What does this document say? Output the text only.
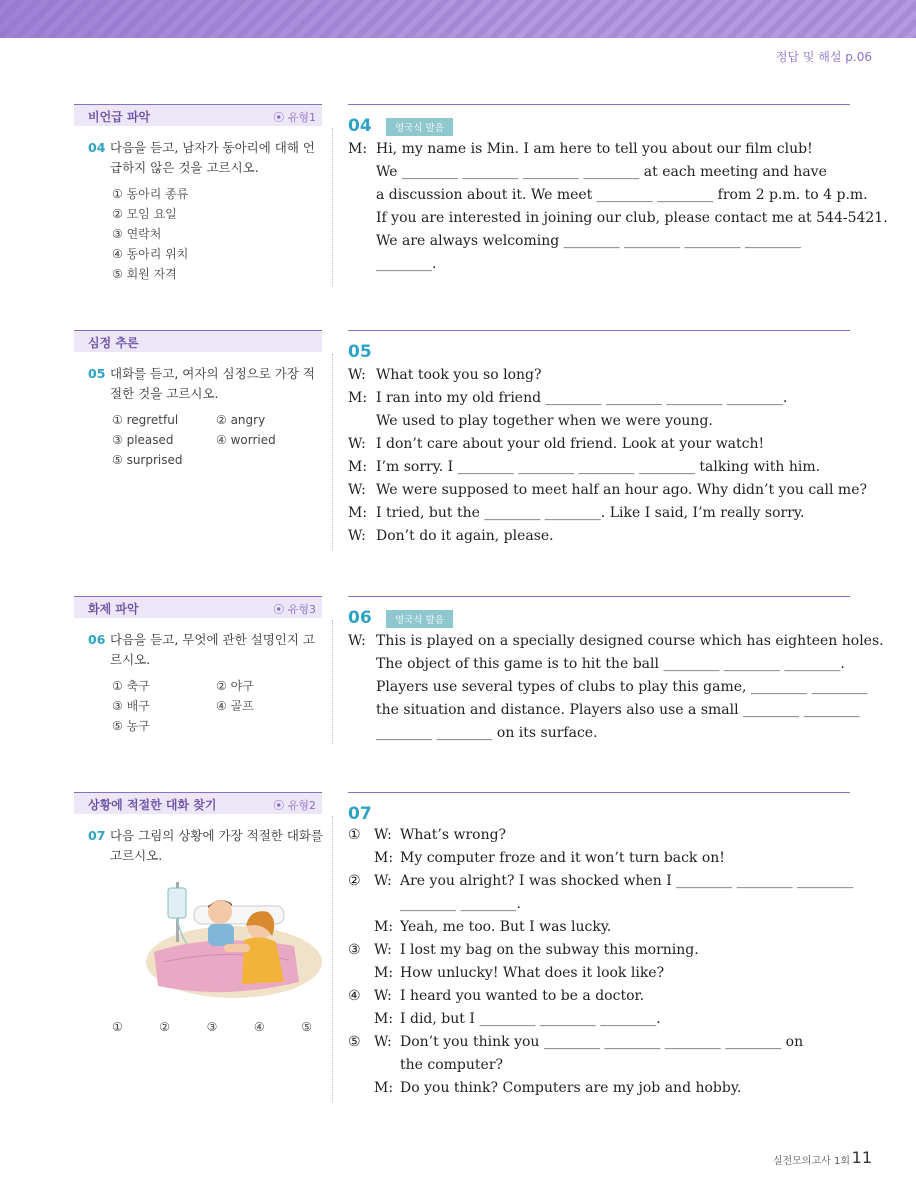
정답 및 해설 p.06
비언급 파악	⦿ 유형1
04 다음을 듣고, 남자가 동아리에 대해 언급하지 않은 것을 고르시오.
① 동아리 종류
② 모임 요일
③ 연락처
④ 동아리 위치
⑤ 회원 자격
04	영국식 발음
M: Hi, my name is Min. I am here to tell you about our film club!
We ________ ________ ________ ________ at each meeting and have
a discussion about it. We meet ________ ________ from 2 p.m. to 4 p.m.
If you are interested in joining our club, please contact me at 544-5421.
We are always welcoming ________ ________ ________ ________
________.
심정 추론
05 대화를 듣고, 여자의 심정으로 가장 적절한 것을 고르시오.
① regretful	② angry ③ pleased	④ worried ⑤ surprised
05
W: What took you so long?
M: I ran into my old friend ________ ________ ________ ________.
We used to play together when we were young.
W: I don’t care about your old friend. Look at your watch!
M: I’m sorry. I ________ ________ ________ ________ talking with him.
W: We were supposed to meet half an hour ago. Why didn’t you call me?
M: I tried, but the ________ ________. Like I said, I’m really sorry.
W: Don’t do it again, please.
화제 파악	⦿ 유형3
06 다음을 듣고, 무엇에 관한 설명인지 고르시오.
① 축구	② 야구 ③ 배구	④ 골프 ⑤ 농구
06	영국식 발음
W: This is played on a specially designed course which has eighteen holes.
The object of this game is to hit the ball ________ ________ ________.
Players use several types of clubs to play this game, ________ ________
the situation and distance. Players also use a small ________ ________
________ ________ on its surface.
상황에 적절한 대화 찾기	⦿ 유형2
07 다음 그림의 상황에 가장 적절한 대화를 고르시오.
①	②	③	④	⑤
07
① W: What’s wrong?
M: My computer froze and it won’t turn back on!
② W: Are you alright? I was shocked when I ________ ________ ________
________ ________.
M: Yeah, me too. But I was lucky.
③ W: I lost my bag on the subway this morning.
M: How unlucky! What does it look like?
④ W: I heard you wanted to be a doctor.
M: I did, but I ________ ________ ________.
⑤ W: Don’t you think you ________ ________ ________ ________ on
the computer?
M: Do you think? Computers are my job and hobby.
실전모의고사 1회 11
